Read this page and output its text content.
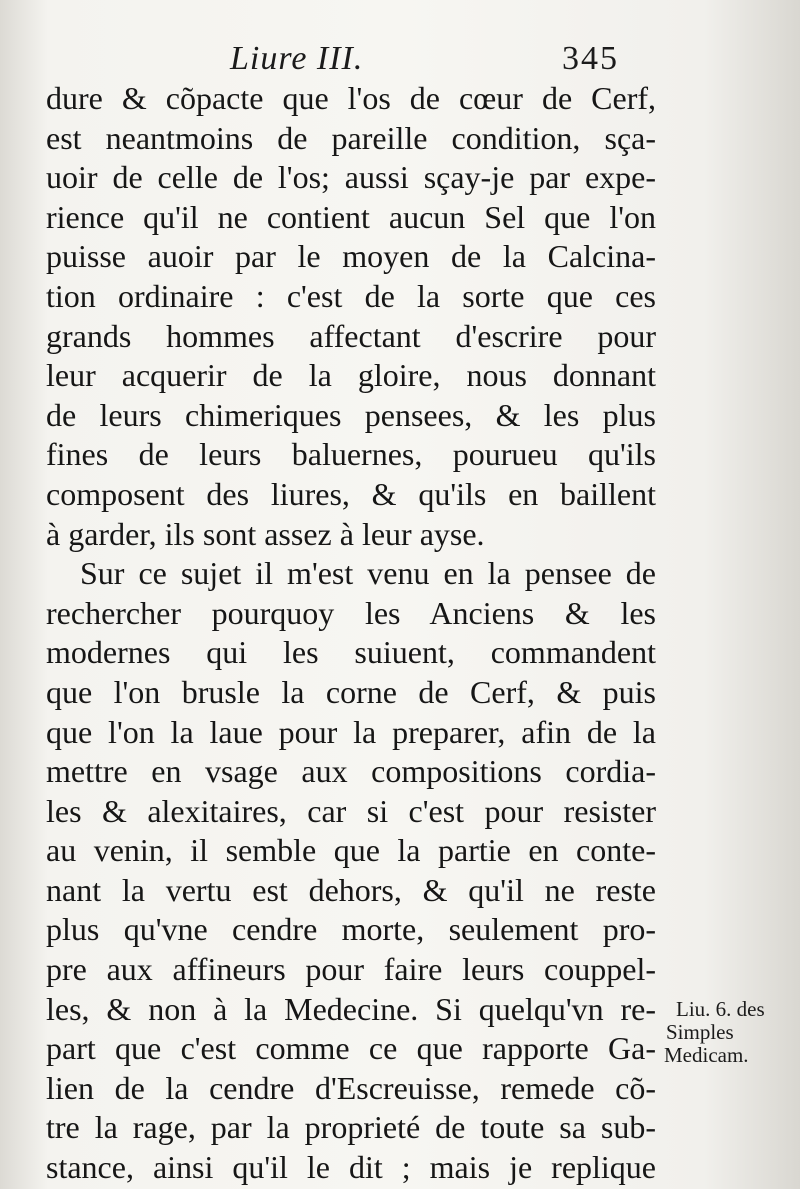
Liure III.	345
dure & cõpacte que l'os de cœur de Cerf,
est neantmoins de pareille condition, sça-
uoir de celle de l'os; aussi sçay-je par expe-
rience qu'il ne contient aucun Sel que l'on
puisse auoir par le moyen de la Calcina-
tion ordinaire : c'est de la sorte que ces
grands hommes affectant d'escrire pour
leur acquerir de la gloire, nous donnant
de leurs chimeriques pensees, & les plus
fines de leurs baluernes, pourueu qu'ils
composent des liures, & qu'ils en baillent
à garder, ils sont assez à leur ayse.
Sur ce sujet il m'est venu en la pensee de
rechercher pourquoy les Anciens & les
modernes qui les suiuent, commandent
que l'on brusle la corne de Cerf, & puis
que l'on la laue pour la preparer, afin de la
mettre en vsage aux compositions cordia-
les & alexitaires, car si c'est pour resister
au venin, il semble que la partie en conte-
nant la vertu est dehors, & qu'il ne reste
plus qu'vne cendre morte, seulement pro-
pre aux affineurs pour faire leurs couppel-
les, & non à la Medecine. Si quelqu'vn re-
part que c'est comme ce que rapporte Ga-
lien de la cendre d'Escreuisse, remede cõ-
tre la rage, par la proprieté de toute sa sub-
stance, ainsi qu'il le dit ; mais je replique
Liu. 6. des
Simples
Medicam.
